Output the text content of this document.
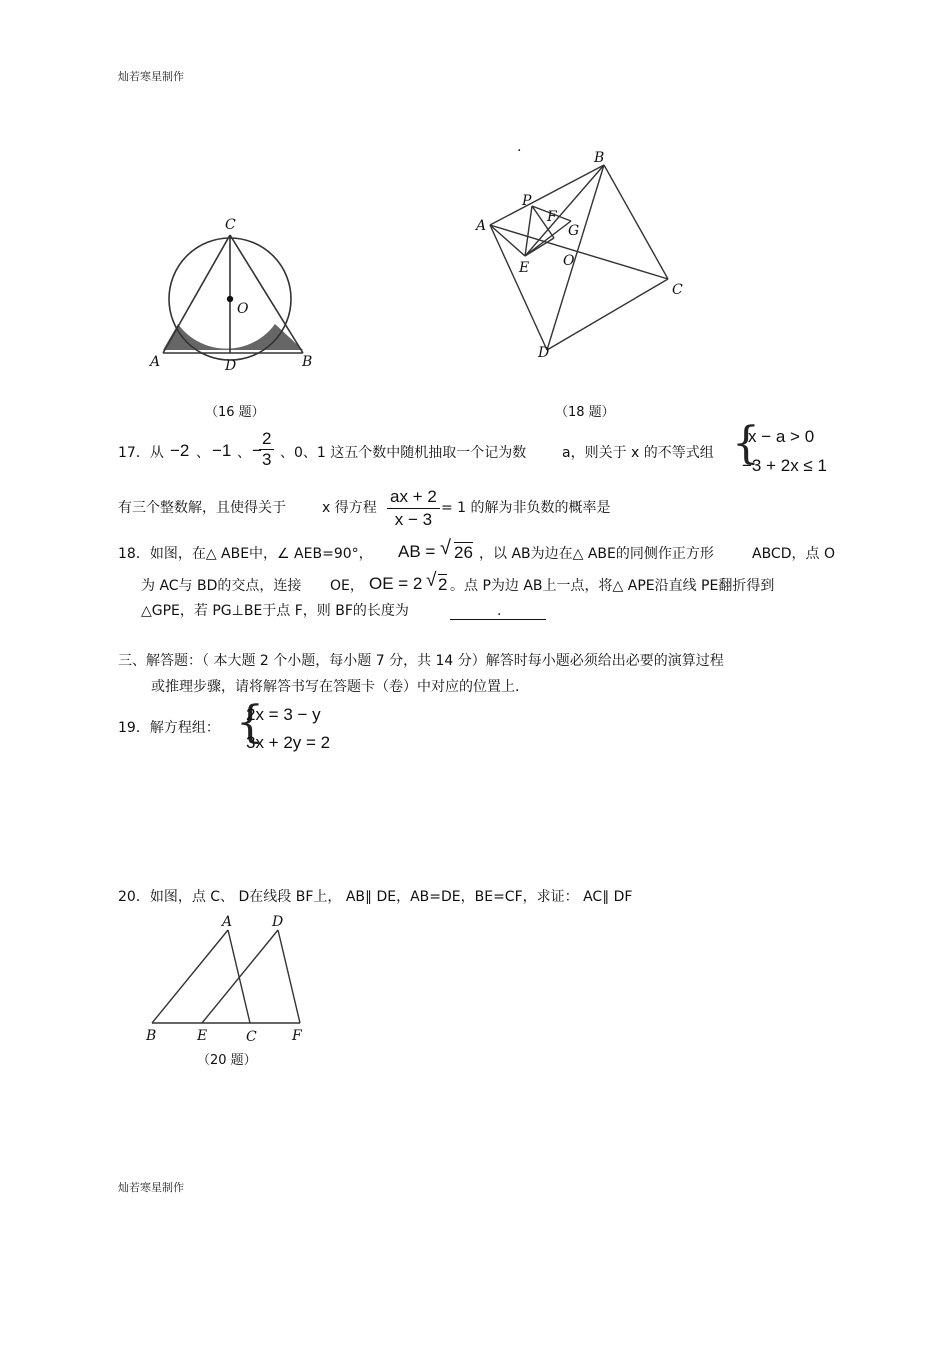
灿若寒星制作
C
O
A	D	B
（16 题）
.
B
A
C
D
P
F
G
E O
（18 题）
17．从 −2 、 −1 、 −
$\frac{2}{3}$ 、0、1 这五个数中随机抽取一个记为数	a，则关于 x 的不等式组 {
x − a > 0
−3 + 2x ≤ 1
有三个整数解，且使得关于	x 得方程 $\frac{ax + 2}{x - 3} = 1$ 的解为非负数的概率是
18．如图，在△ ABE中，∠ AEB=90°， AB = √ 26 ，以 AB为边在△ ABE的同侧作正方形	ABCD，点 O
为 AC与 BD的交点，连接 OE， OE = 2 √ 2 。点 P为边 AB上一点，将△ APE沿直线 PE翻折得到
△GPE，若 PG⊥BE于点 F，则 BF的长度为	.
三、解答题：（ 本大题 2 个小题，每小题 7 分，共 14 分）解答时每小题必须给出必要的演算过程
或推理步骤，请将解答书写在答题卡（卷）中对应的位置上.
19．解方程组： {
2x = 3 − y
3x + 2y = 2
20．如图，点 C、 D在线段 BF上， AB∥ DE，AB=DE，BE=CF，求证： AC∥ DF
A	D
B	E	C	F
（20 题）
灿若寒星制作
